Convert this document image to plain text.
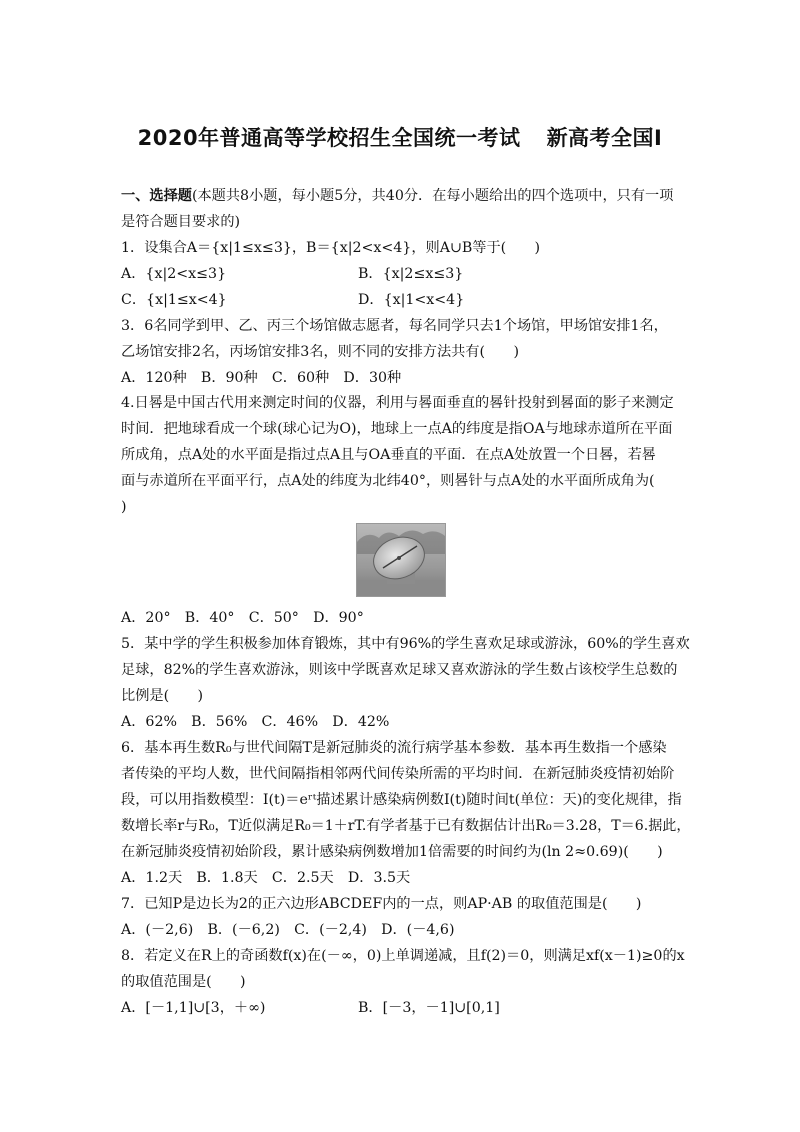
2020年普通高等学校招生全国统一考试 新高考全国Ⅰ
一、选择题(本题共8小题，每小题5分，共40分．在每小题给出的四个选项中，只有一项
是符合题目要求的)
1．设集合A＝{x|1≤x≤3}，B＝{x|2<x<4}，则A∪B等于(　　)
A．{x|2<x≤3}	B．{x|2≤x≤3}
C．{x|1≤x<4}	D．{x|1<x<4}
3．6名同学到甲、乙、丙三个场馆做志愿者，每名同学只去1个场馆，甲场馆安排1名，
乙场馆安排2名，丙场馆安排3名，则不同的安排方法共有(　　)
A．120种　B．90种　C．60种　D．30种
4.日晷是中国古代用来测定时间的仪器，利用与晷面垂直的晷针投射到晷面的影子来测定
时间．把地球看成一个球(球心记为O)，地球上一点A的纬度是指OA与地球赤道所在平面
所成角，点A处的水平面是指过点A且与OA垂直的平面．在点A处放置一个日晷，若晷
面与赤道所在平面平行，点A处的纬度为北纬40°，则晷针与点A处的水平面所成角为(
)
A．20°　B．40°　C．50°　D．90°
5．某中学的学生积极参加体育锻炼，其中有96%的学生喜欢足球或游泳，60%的学生喜欢
足球，82%的学生喜欢游泳，则该中学既喜欢足球又喜欢游泳的学生数占该校学生总数的
比例是(　　)
A．62%　B．56%　C．46%　D．42%
6．基本再生数R₀与世代间隔T是新冠肺炎的流行病学基本参数．基本再生数指一个感染
者传染的平均人数，世代间隔指相邻两代间传染所需的平均时间．在新冠肺炎疫情初始阶
段，可以用指数模型：I(t)＝eʳᵗ描述累计感染病例数I(t)随时间t(单位：天)的变化规律，指
数增长率r与R₀，T近似满足R₀＝1＋rT.有学者基于已有数据估计出R₀＝3.28，T＝6.据此，
在新冠肺炎疫情初始阶段，累计感染病例数增加1倍需要的时间约为(ln 2≈0.69)(　　)
A．1.2天　B．1.8天　C．2.5天　D．3.5天
7．已知P是边长为2的正六边形ABCDEF内的一点，则AP·AB 的取值范围是(　　)
A．(－2,6)　B．(－6,2)　C．(－2,4)　D．(－4,6)
8．若定义在R上的奇函数f(x)在(－∞，0)上单调递减，且f(2)＝0，则满足xf(x－1)≥0的x
的取值范围是(　　)
A．[－1,1]∪[3，＋∞)	B．[－3，－1]∪[0,1]
